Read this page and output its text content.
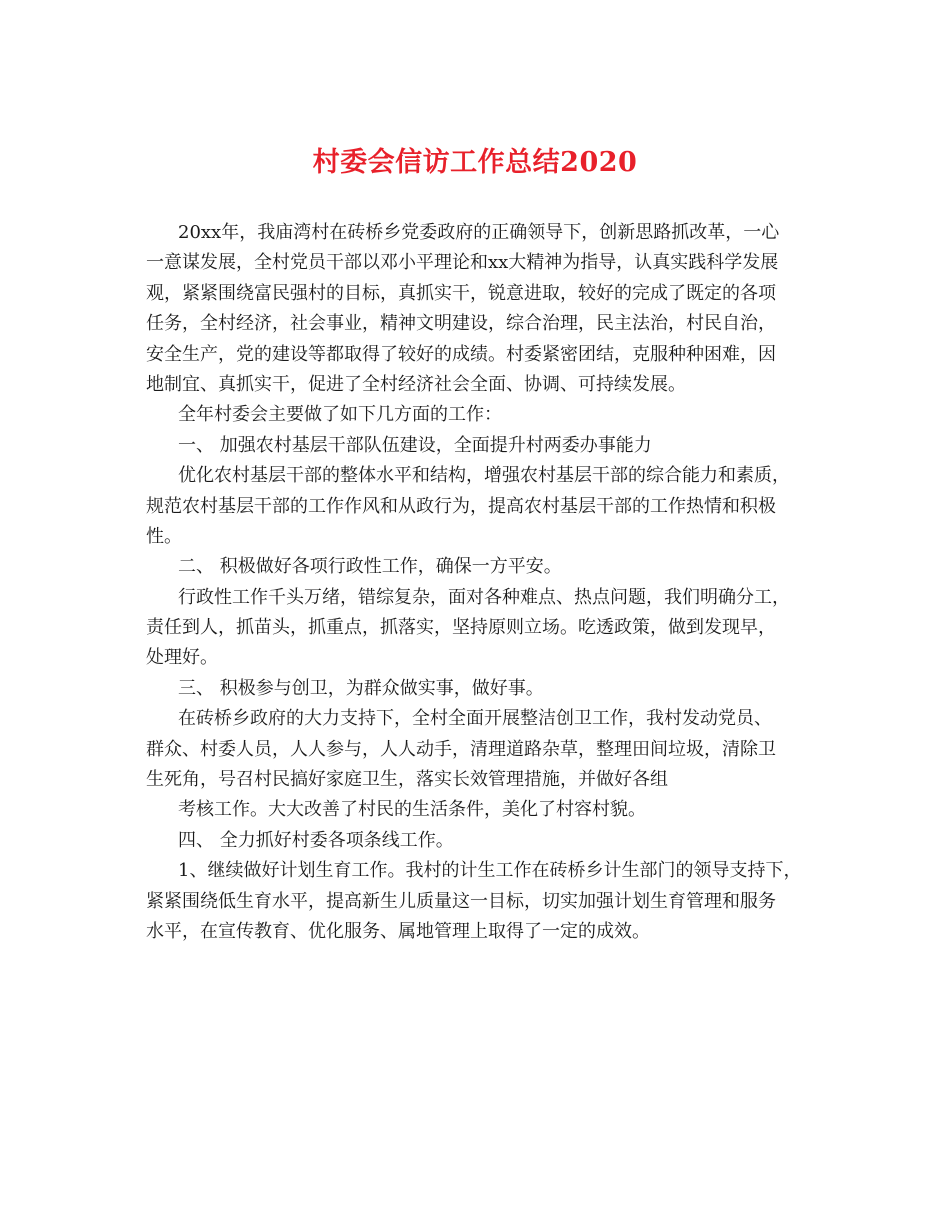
村委会信访工作总结2020
20xx年，我庙湾村在砖桥乡党委政府的正确领导下，创新思路抓改革，一心
一意谋发展，全村党员干部以邓小平理论和xx大精神为指导，认真实践科学发展
观，紧紧围绕富民强村的目标，真抓实干，锐意进取，较好的完成了既定的各项
任务，全村经济，社会事业，精神文明建设，综合治理，民主法治，村民自治，
安全生产，党的建设等都取得了较好的成绩。村委紧密团结，克服种种困难，因
地制宜、真抓实干，促进了全村经济社会全面、协调、可持续发展。
全年村委会主要做了如下几方面的工作：
一、 加强农村基层干部队伍建设，全面提升村两委办事能力
优化农村基层干部的整体水平和结构，增强农村基层干部的综合能力和素质，
规范农村基层干部的工作作风和从政行为，提高农村基层干部的工作热情和积极
性。
二、 积极做好各项行政性工作，确保一方平安。
行政性工作千头万绪，错综复杂，面对各种难点、热点问题，我们明确分工，
责任到人，抓苗头，抓重点，抓落实，坚持原则立场。吃透政策，做到发现早，
处理好。
三、 积极参与创卫，为群众做实事，做好事。
在砖桥乡政府的大力支持下，全村全面开展整洁创卫工作，我村发动党员、
群众、村委人员，人人参与，人人动手，清理道路杂草，整理田间垃圾，清除卫
生死角，号召村民搞好家庭卫生，落实长效管理措施，并做好各组
考核工作。大大改善了村民的生活条件，美化了村容村貌。
四、 全力抓好村委各项条线工作。
1、继续做好计划生育工作。我村的计生工作在砖桥乡计生部门的领导支持下，
紧紧围绕低生育水平，提高新生儿质量这一目标，切实加强计划生育管理和服务
水平，在宣传教育、优化服务、属地管理上取得了一定的成效。
